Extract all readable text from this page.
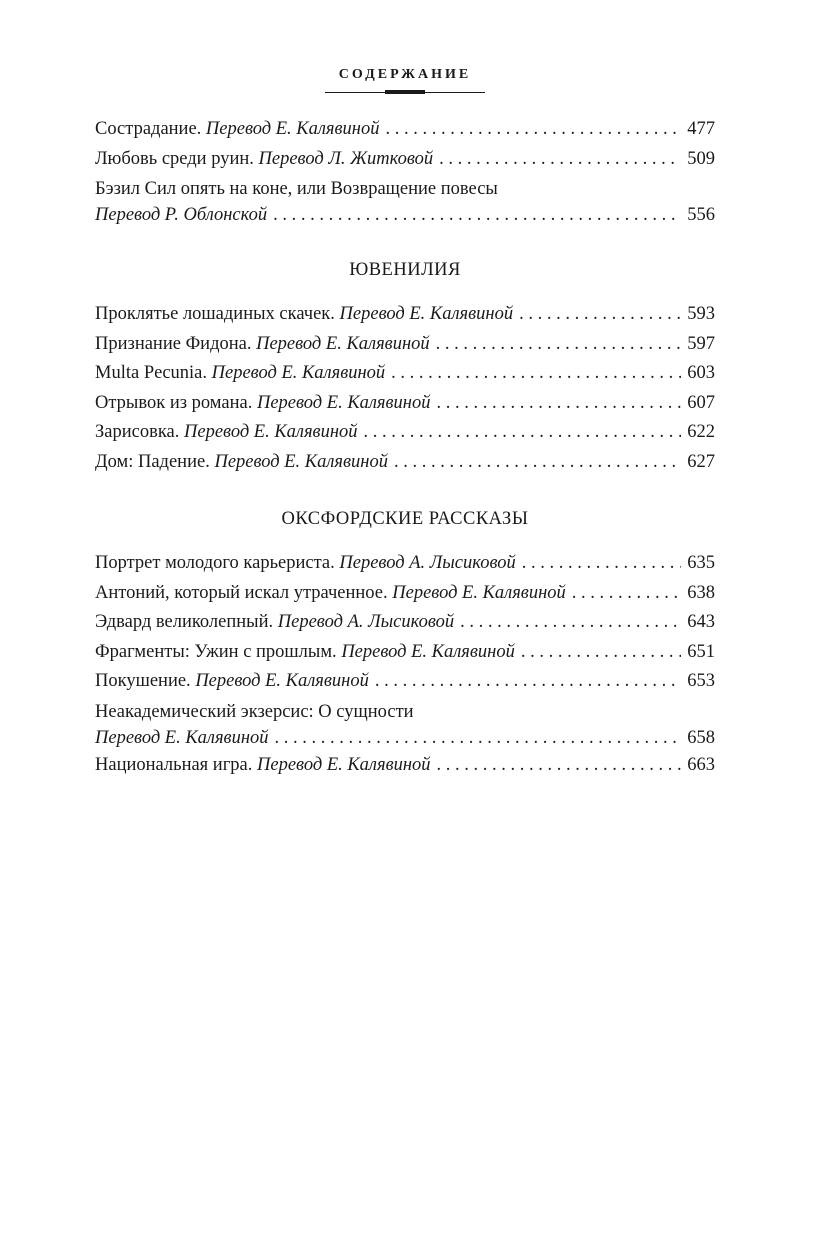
СОДЕРЖАНИЕ
Сострадание. Перевод Е. Калявиной . . .	477
Любовь среди руин. Перевод Л. Житковой . . .	509
Бэзил Сил опять на коне, или Возвращение повесы
Перевод Р. Облонской . . .	556
ЮВЕНИЛИЯ
Проклятье лошадиных скачек. Перевод Е. Калявиной . . .	593
Признание Фидона. Перевод Е. Калявиной . . .	597
Multa Pecunia. Перевод Е. Калявиной . . .	603
Отрывок из романа. Перевод Е. Калявиной . . .	607
Зарисовка. Перевод Е. Калявиной . . .	622
Дом: Падение. Перевод Е. Калявиной . . .	627
ОКСФОРДСКИЕ РАССКАЗЫ
Портрет молодого карьериста. Перевод А. Лысиковой . . .	635
Антоний, который искал утраченное. Перевод Е. Калявиной . . .	638
Эдвард великолепный. Перевод А. Лысиковой . . .	643
Фрагменты: Ужин с прошлым. Перевод Е. Калявиной . . .	651
Покушение. Перевод Е. Калявиной . . .	653
Неакадемический экзерсис: О сущности
Перевод Е. Калявиной . . .	658
Национальная игра. Перевод Е. Калявиной . . .	663
